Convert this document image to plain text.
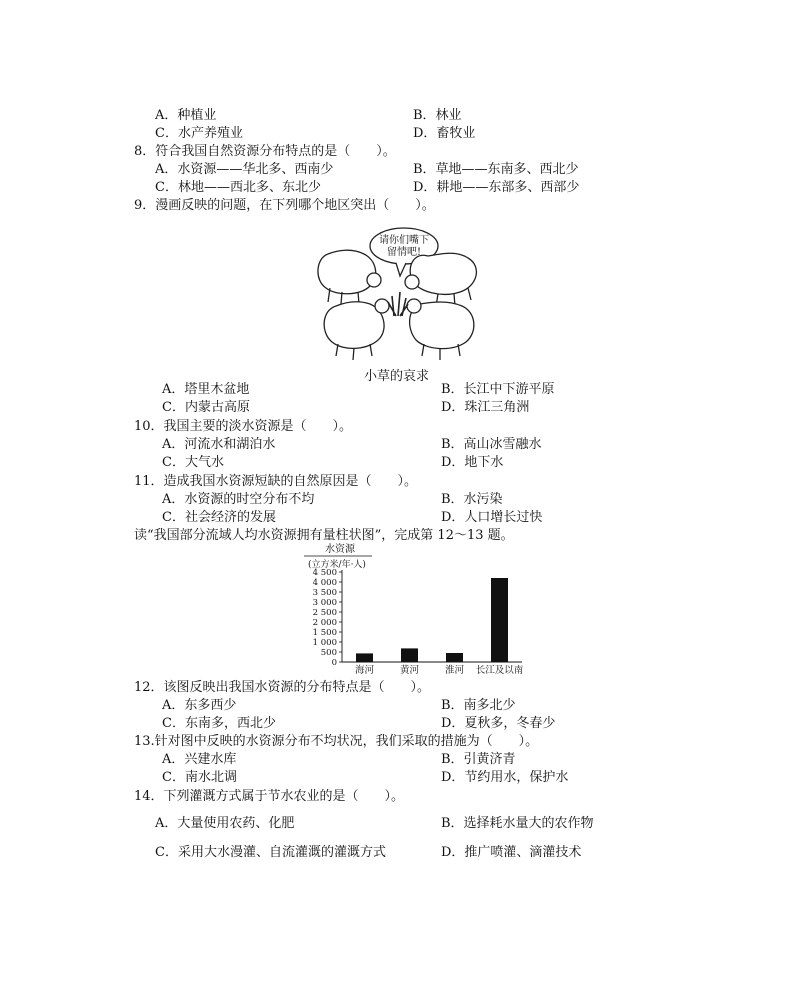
A．种植业	B．林业
C．水产养殖业	D．畜牧业
8．符合我国自然资源分布特点的是（　　）。
A．水资源——华北多、西南少	B．草地——东南多、西北少
C．林地——西北多、东北少	D．耕地——东部多、西部少
9．漫画反映的问题，在下列哪个地区突出（　　）。
请你们嘴下
留情吧!
小草的哀求
A．塔里木盆地	B．长江中下游平原
C．内蒙古高原	D．珠江三角洲
10．我国主要的淡水资源是（　　）。
A．河流水和湖泊水	B．高山冰雪融水
C．大气水	D．地下水
11．造成我国水资源短缺的自然原因是（　　）。
A．水资源的时空分布不均	B．水污染
C．社会经济的发展	D．人口增长过快
读“我国部分流域人均水资源拥有量柱状图”，完成第 12～13 题。
水资源
(立方米/年·人)
0
500
1 000
1 500
2 000
2 500
3 000
3 500
4 000
4 500
海河	黄河	淮河 长江及以南
12．该图反映出我国水资源的分布特点是（　　）。
A．东多西少	B．南多北少
C．东南多，西北少	D．夏秋多，冬春少
13.针对图中反映的水资源分布不均状况，我们采取的措施为（　　）。
A．兴建水库	B．引黄济青
C．南水北调	D．节约用水，保护水
14．下列灌溉方式属于节水农业的是（　　）。
A．大量使用农药、化肥	B．选择耗水量大的农作物
C．采用大水漫灌、自流灌溉的灌溉方式	D．推广喷灌、滴灌技术
